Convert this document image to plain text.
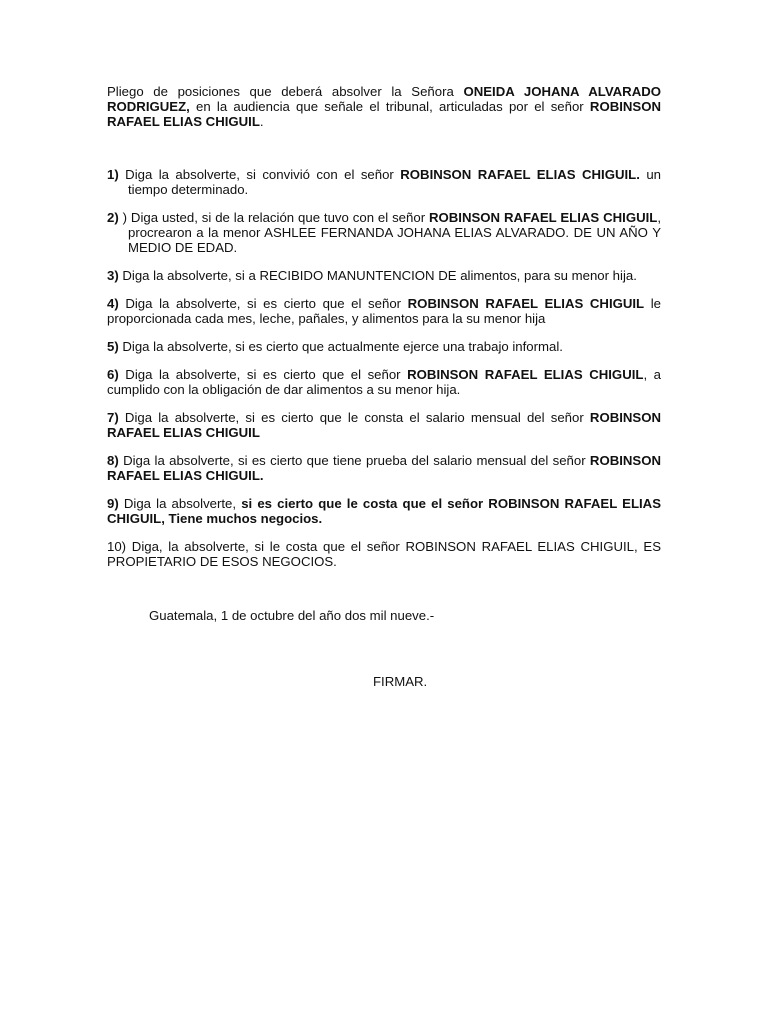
Pliego de posiciones que deberá absolver la Señora ONEIDA JOHANA ALVARADO RODRIGUEZ, en la audiencia que señale el tribunal, articuladas por el señor ROBINSON RAFAEL ELIAS CHIGUIL.

1) Diga la absolverte, si convivió con el señor ROBINSON RAFAEL ELIAS CHIGUIL. un tiempo determinado.

2) ) Diga usted, si de la relación que tuvo con el señor ROBINSON RAFAEL ELIAS CHIGUIL, procrearon a la menor ASHLEE FERNANDA JOHANA ELIAS ALVARADO. DE UN AÑO Y MEDIO DE EDAD.

3) Diga la absolverte, si a RECIBIDO MANUNTENCION DE alimentos, para su menor hija.

4) Diga la absolverte, si es cierto que el señor ROBINSON RAFAEL ELIAS CHIGUIL le proporcionada cada mes, leche, pañales, y alimentos para la su menor hija

5) Diga la absolverte, si es cierto que actualmente ejerce una trabajo informal.

6) Diga la absolverte, si es cierto que el señor ROBINSON RAFAEL ELIAS CHIGUIL, a cumplido con la obligación de dar alimentos a su menor hija.

7) Diga la absolverte, si es cierto que le consta el salario mensual del señor ROBINSON RAFAEL ELIAS CHIGUIL

8) Diga la absolverte, si es cierto que tiene prueba del salario mensual del señor ROBINSON RAFAEL ELIAS CHIGUIL.

9) Diga la absolverte, si es cierto que le costa que el señor ROBINSON RAFAEL ELIAS CHIGUIL, Tiene muchos negocios.

10) Diga, la absolverte, si le costa que el señor ROBINSON RAFAEL ELIAS CHIGUIL, ES PROPIETARIO DE ESOS NEGOCIOS.

Guatemala, 1 de octubre del año dos mil nueve.-

FIRMAR.
